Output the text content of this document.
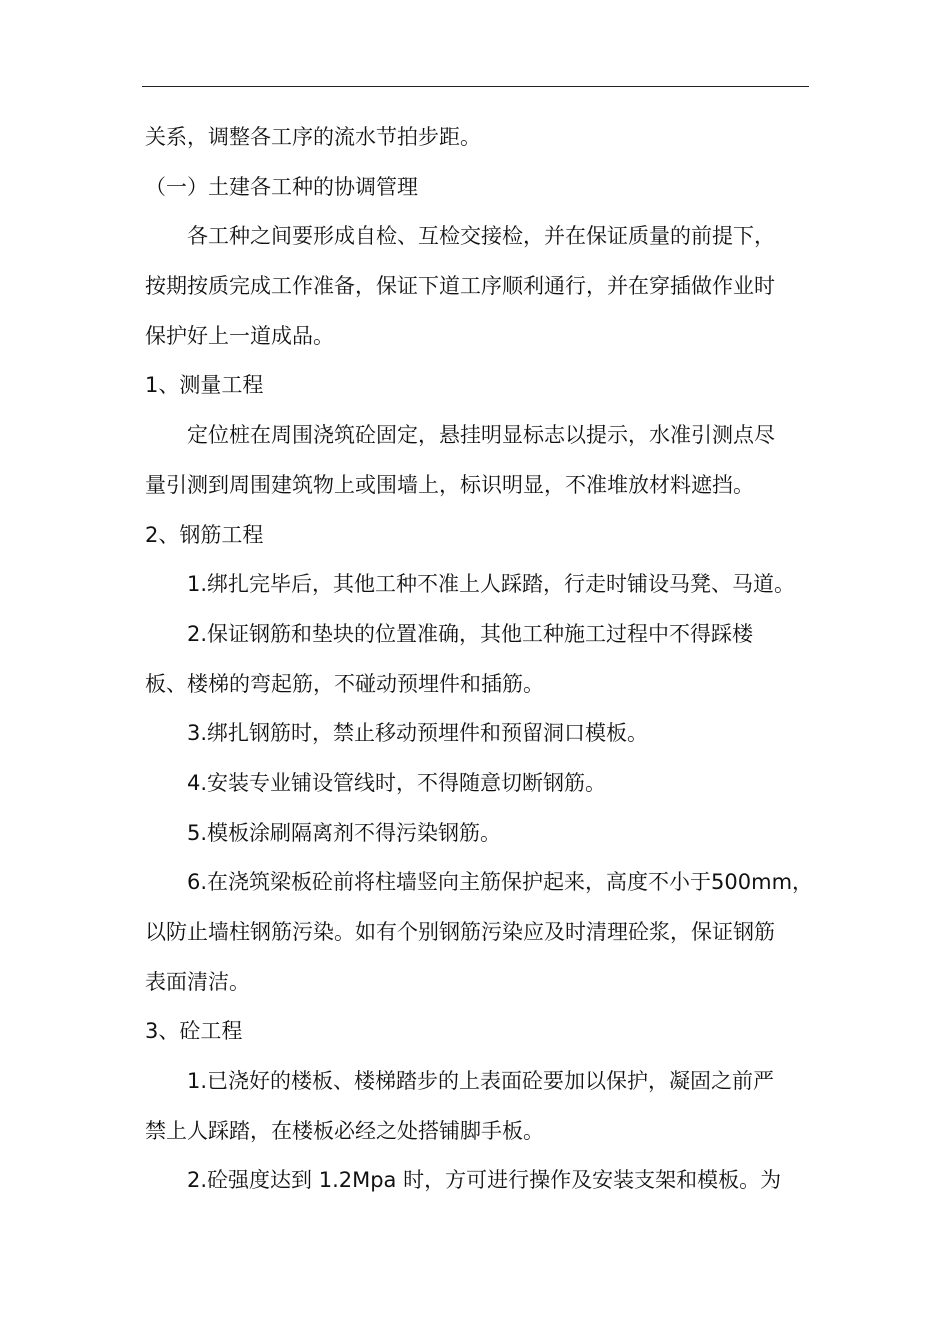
关系，调整各工序的流水节拍步距。
（一）土建各工种的协调管理
各工种之间要形成自检、互检交接检，并在保证质量的前提下，
按期按质完成工作准备，保证下道工序顺利通行，并在穿插做作业时
保护好上一道成品。
1、测量工程
定位桩在周围浇筑砼固定，悬挂明显标志以提示，水准引测点尽
量引测到周围建筑物上或围墙上，标识明显，不准堆放材料遮挡。
2、钢筋工程
1.绑扎完毕后，其他工种不准上人踩踏，行走时铺设马凳、马道。
2.保证钢筋和垫块的位置准确，其他工种施工过程中不得踩楼
板、楼梯的弯起筋，不碰动预埋件和插筋。
3.绑扎钢筋时，禁止移动预埋件和预留洞口模板。
4.安装专业铺设管线时，不得随意切断钢筋。
5.模板涂刷隔离剂不得污染钢筋。
6.在浇筑梁板砼前将柱墙竖向主筋保护起来，高度不小于500mm，
以防止墙柱钢筋污染。如有个别钢筋污染应及时清理砼浆，保证钢筋
表面清洁。
3、砼工程
1.已浇好的楼板、楼梯踏步的上表面砼要加以保护，凝固之前严
禁上人踩踏，在楼板必经之处搭铺脚手板。
2.砼强度达到 1.2Mpa 时，方可进行操作及安装支架和模板。为
